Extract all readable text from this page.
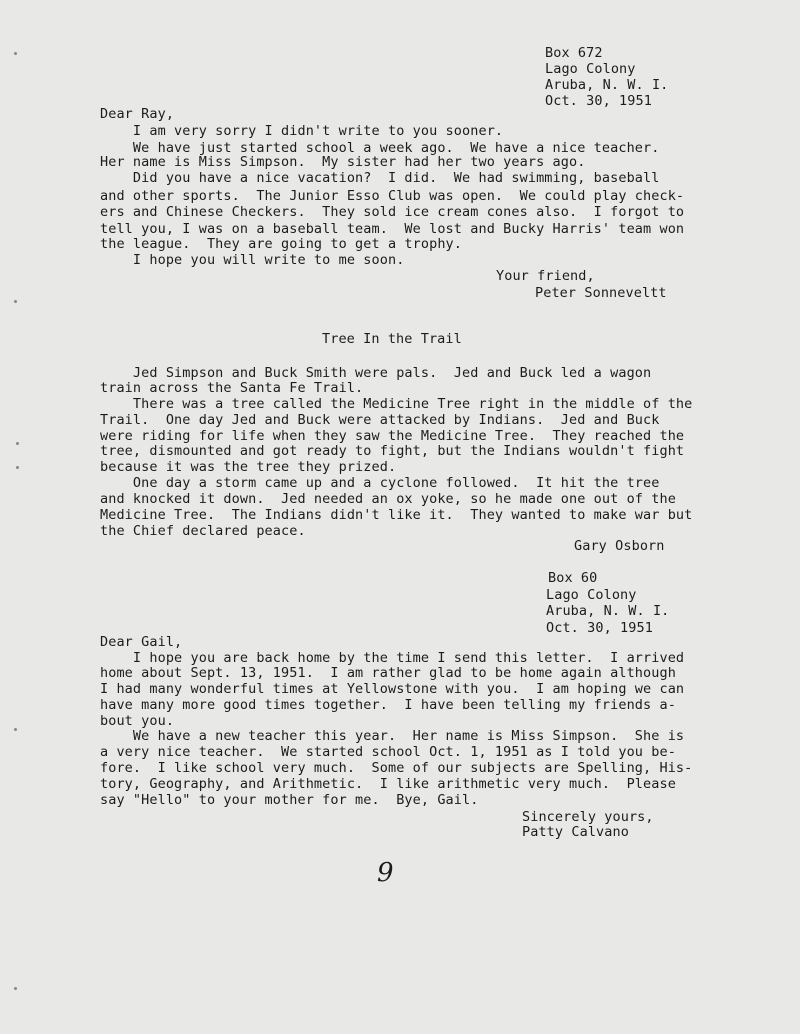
Box 672
Lago Colony
Aruba, N. W. I.
Oct. 30, 1951
Dear Ray,
I am very sorry I didn't write to you sooner.
We have just started school a week ago.  We have a nice teacher.
Her name is Miss Simpson.  My sister had her two years ago.
Did you have a nice vacation?  I did.  We had swimming, baseball
and other sports.  The Junior Esso Club was open.  We could play check-
ers and Chinese Checkers.  They sold ice cream cones also.  I forgot to
tell you, I was on a baseball team.  We lost and Bucky Harris' team won
the league.  They are going to get a trophy.
I hope you will write to me soon.
Your friend,
Peter Sonneveltt
Tree In the Trail
Jed Simpson and Buck Smith were pals.  Jed and Buck led a wagon
train across the Santa Fe Trail.
There was a tree called the Medicine Tree right in the middle of the
Trail.  One day Jed and Buck were attacked by Indians.  Jed and Buck
were riding for life when they saw the Medicine Tree.  They reached the
tree, dismounted and got ready to fight, but the Indians wouldn't fight
because it was the tree they prized.
One day a storm came up and a cyclone followed.  It hit the tree
and knocked it down.  Jed needed an ox yoke, so he made one out of the
Medicine Tree.  The Indians didn't like it.  They wanted to make war but
the Chief declared peace.
Gary Osborn
Box 60
Lago Colony
Aruba, N. W. I.
Oct. 30, 1951
Dear Gail,
I hope you are back home by the time I send this letter.  I arrived
home about Sept. 13, 1951.  I am rather glad to be home again although
I had many wonderful times at Yellowstone with you.  I am hoping we can
have many more good times together.  I have been telling my friends a-
bout you.
We have a new teacher this year.  Her name is Miss Simpson.  She is
a very nice teacher.  We started school Oct. 1, 1951 as I told you be-
fore.  I like school very much.  Some of our subjects are Spelling, His-
tory, Geography, and Arithmetic.  I like arithmetic very much.  Please
say "Hello" to your mother for me.  Bye, Gail.
Sincerely yours,
Patty Calvano
9
